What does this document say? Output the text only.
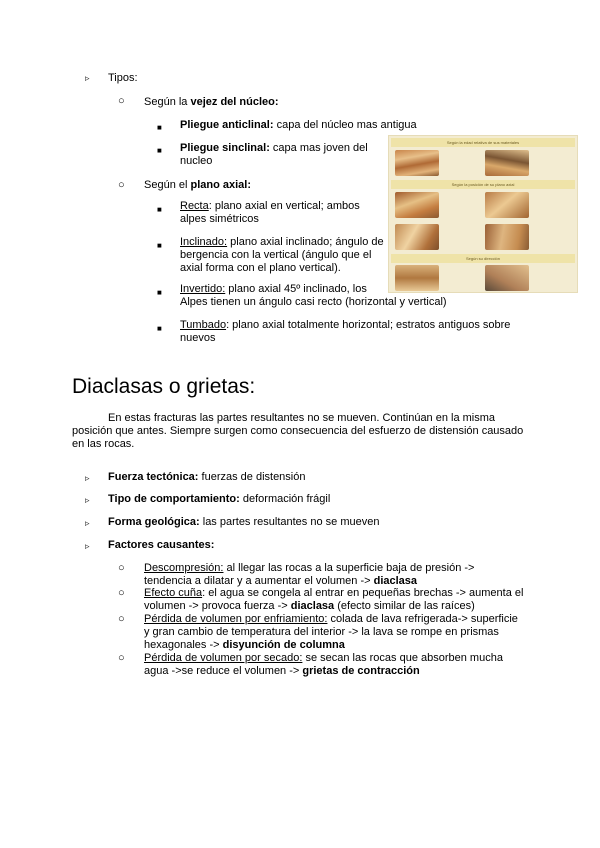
▹ Tipos:
○ Según la vejez del núcleo:
■ Pliegue anticlinal: capa del núcleo mas antigua
■ Pliegue sinclinal: capa mas joven del
nucleo
○ Según el plano axial:
■ Recta: plano axial en vertical; ambos
alpes simétricos
■ Inclinado: plano axial inclinado; ángulo de
bergencia con la vertical (ángulo que el
axial forma con el plano vertical).
■ Invertido: plano axial 45º inclinado, los
Alpes tienen un ángulo casi recto (horizontal y vertical)
■ Tumbado: plano axial totalmente horizontal; estratos antiguos sobre
nuevos
Según la edad relativa de sus materiales
Según la posición de su plano axial
Según su dirección
Diaclasas o grietas:
En estas fracturas las partes resultantes no se mueven. Continúan en la misma
posición que antes. Siempre surgen como consecuencia del esfuerzo de distensión causado
en las rocas.
▹ Fuerza tectónica: fuerzas de distensión
▹ Tipo de comportamiento: deformación frágil
▹ Forma geológica: las partes resultantes no se mueven
▹ Factores causantes:
○ Descompresión: al llegar las rocas a la superficie baja de presión ->
tendencia a dilatar y a aumentar el volumen -> diaclasa
○ Efecto cuña: el agua se congela al entrar en pequeñas brechas -> aumenta el
volumen -> provoca fuerza -> diaclasa (efecto similar de las raíces)
○ Pérdida de volumen por enfriamiento: colada de lava refrigerada-> superficie
y gran cambio de temperatura del interior -> la lava se rompe en prismas
hexagonales -> disyunción de columna
○ Pérdida de volumen por secado: se secan las rocas que absorben mucha
agua ->se reduce el volumen -> grietas de contracción
